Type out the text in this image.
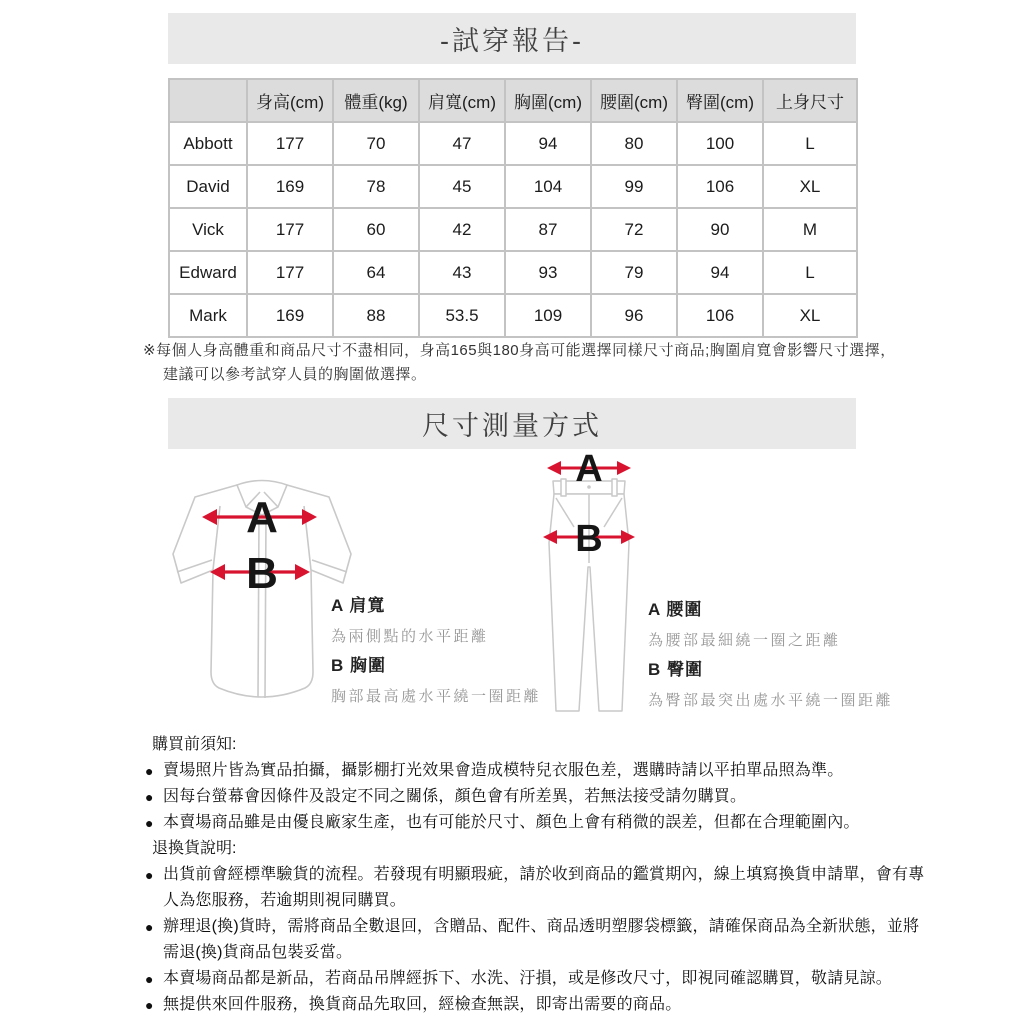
-試穿報告-
	身高(cm)	體重(kg)	肩寬(cm)	胸圍(cm)	腰圍(cm)	臀圍(cm)	上身尺寸
Abbott	177	70	47	94	80	100	L
David	169	78	45	104	99	106	XL
Vick	177	60	42	87	72	90	M
Edward	177	64	43	93	79	94	L
Mark	169	88	53.5	109	96	106	XL

※每個人身高體重和商品尺寸不盡相同，身高165與180身高可能選擇同樣尺寸商品;胸圍肩寬會影響尺寸選擇，建議可以參考試穿人員的胸圍做選擇。

尺寸測量方式
A
B

A 肩寬

為兩側點的水平距離

B 胸圍

胸部最高處水平繞一圈距離

A
B

A 腰圍

為腰部最細繞一圈之距離

B 臀圍

為臀部最突出處水平繞一圈距離

購買前須知:
● 賣場照片皆為實品拍攝，攝影棚打光效果會造成模特兒衣服色差，選購時請以平拍單品照為準。
● 因每台螢幕會因條件及設定不同之關係，顏色會有所差異，若無法接受請勿購買。
● 本賣場商品雖是由優良廠家生產，也有可能於尺寸、顏色上會有稍微的誤差，但都在合理範圍內。
退換貨說明:
● 出貨前會經標準驗貨的流程。若發現有明顯瑕疵，請於收到商品的鑑賞期內，線上填寫換貨申請單，會有專人為您服務，若逾期則視同購買。
● 辦理退(換)貨時，需將商品全數退回，含贈品、配件、商品透明塑膠袋標籤，請確保商品為全新狀態，並將需退(換)貨商品包裝妥當。
● 本賣場商品都是新品，若商品吊牌經拆下、水洗、汙損，或是修改尺寸，即視同確認購買，敬請見諒。
● 無提供來回件服務，換貨商品先取回，經檢查無誤，即寄出需要的商品。
